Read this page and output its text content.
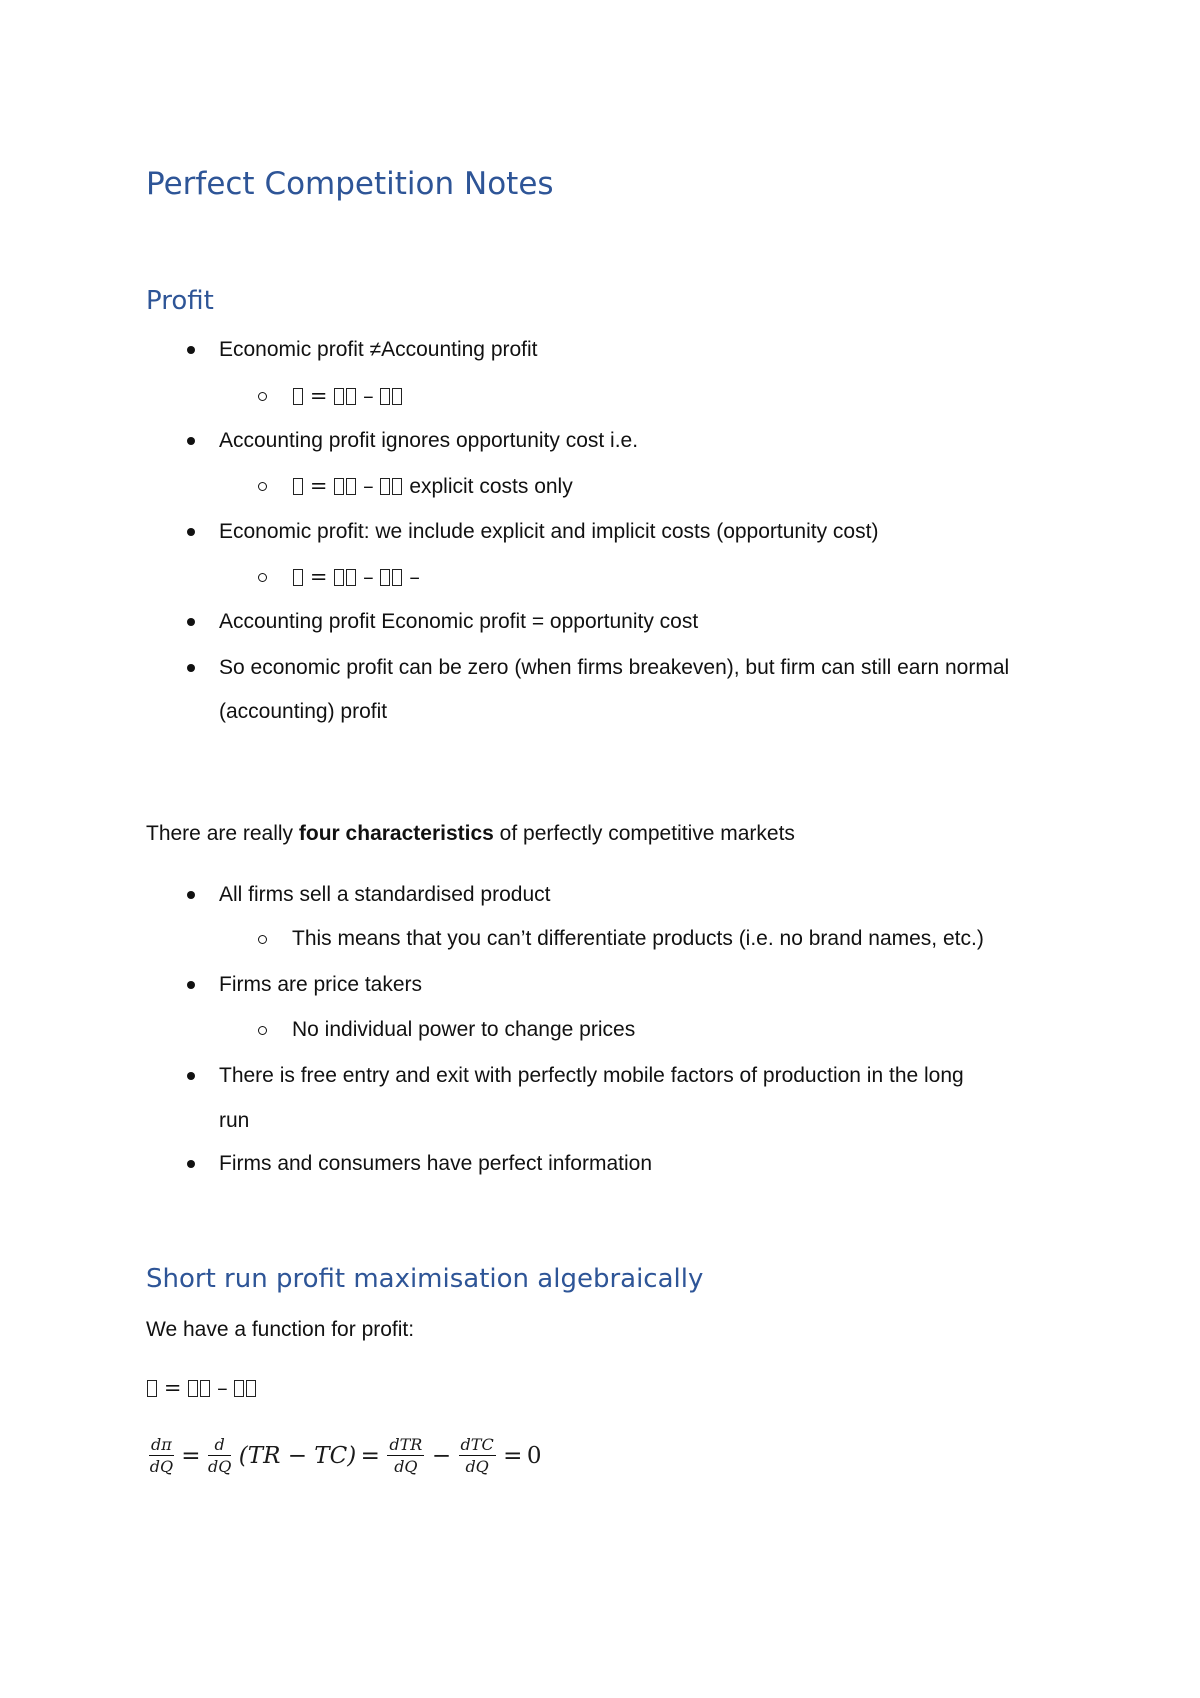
Perfect Competition Notes
Profit
Economic profit ≠Accounting profit
= –
Accounting profit ignores opportunity cost i.e.
= – explicit costs only
Economic profit: we include explicit and implicit costs (opportunity cost)
= – –
Accounting profit Economic profit = opportunity cost
So economic profit can be zero (when firms breakeven), but firm can still earn normal
(accounting) profit
There are really four characteristics of perfectly competitive markets
All firms sell a standardised product
This means that you can’t differentiate products (i.e. no brand names, etc.)
Firms are price takers
No individual power to change prices
There is free entry and exit with perfectly mobile factors of production in the long
run
Firms and consumers have perfect information
Short run profit maximisation algebraically
We have a function for profit:
= –
$\frac{d\pi}{dQ} = \frac{d}{dQ} (TR - TC) = \frac{\text{dTR}}{dQ} - \frac{\text{dTC}}{dQ} = 0$
